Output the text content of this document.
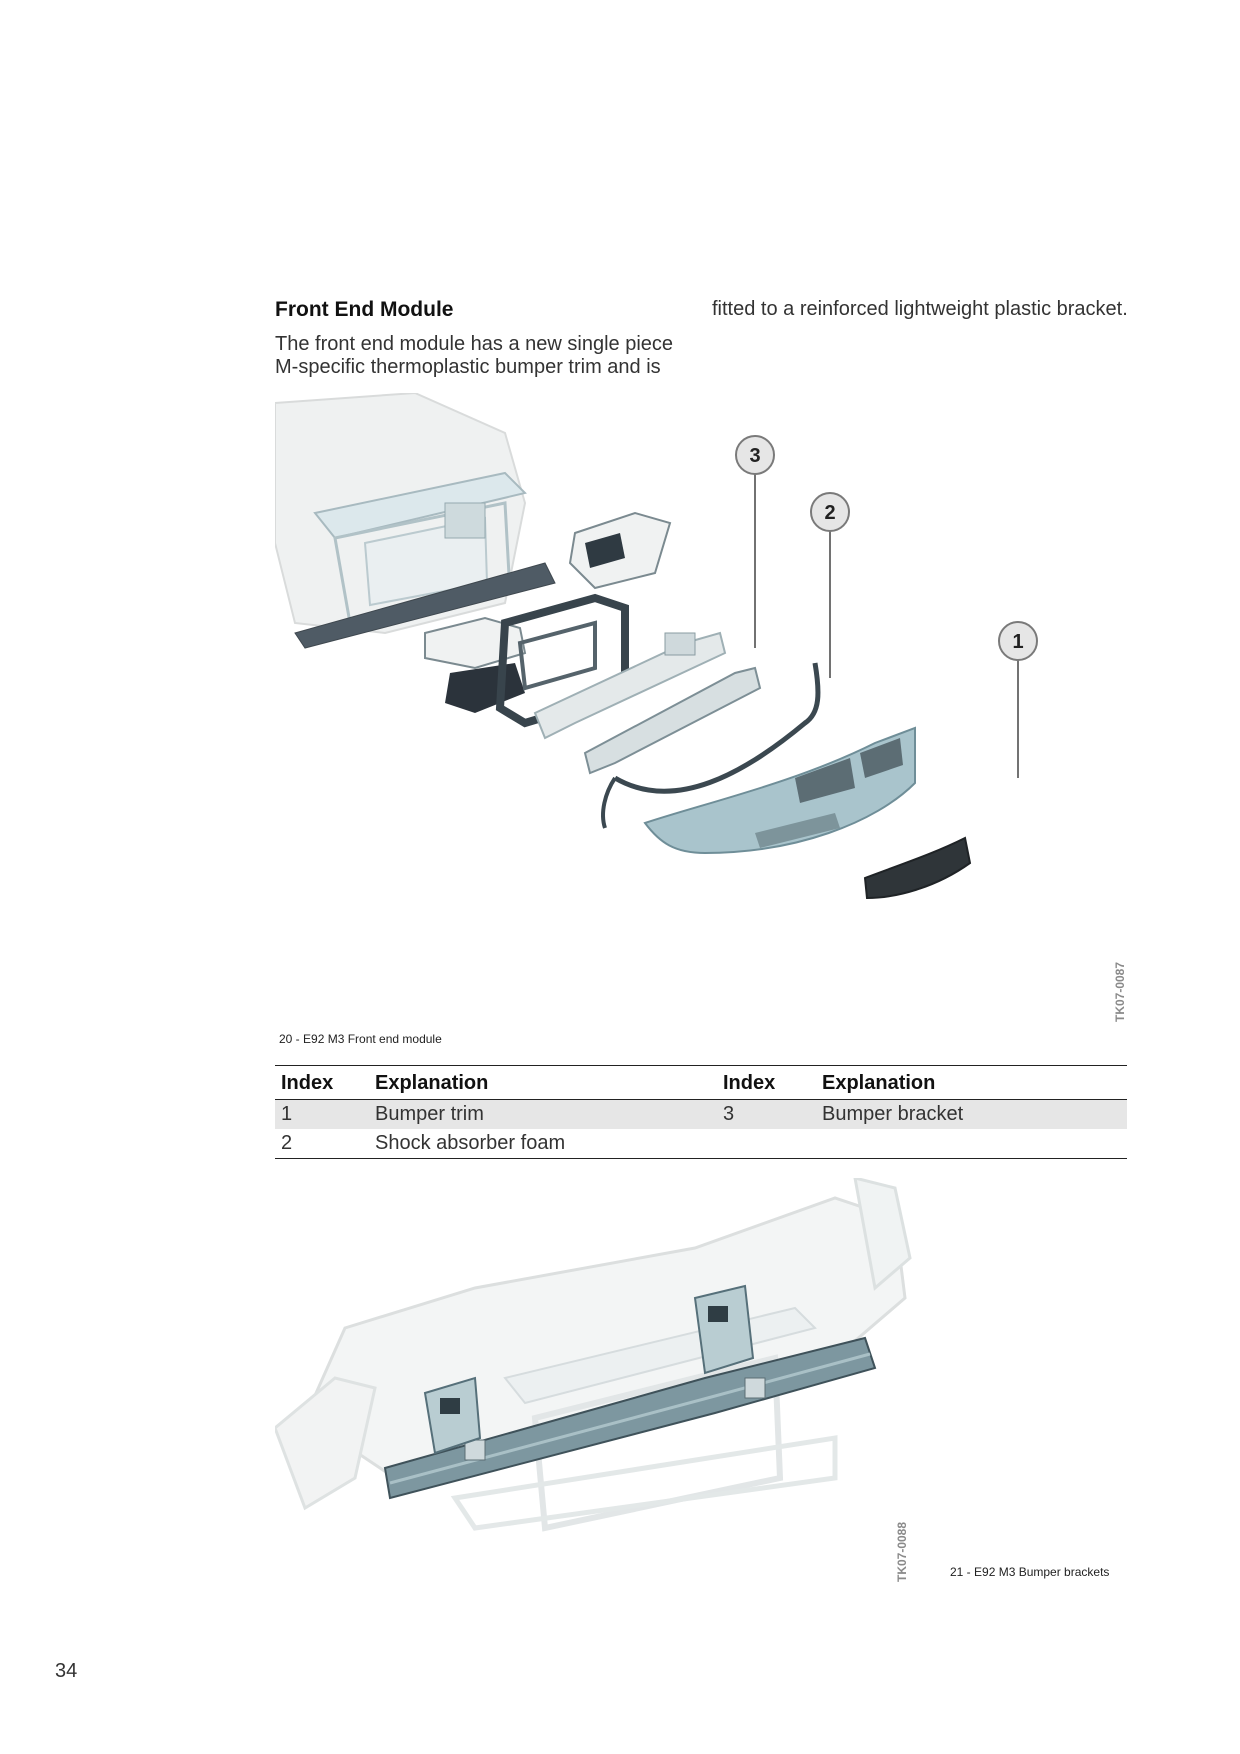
Front End Module
The front end module has a new single piece M-specific thermoplastic bumper trim and is
fitted to a reinforced lightweight plastic bracket.
3
2
1
TK07-0087
20 - E92 M3 Front end module
Index	Explanation	Index	Explanation
1	Bumper trim	3	Bumper bracket
2	Shock absorber foam		
TK07-0088	21 - E92 M3 Bumper brackets
34
